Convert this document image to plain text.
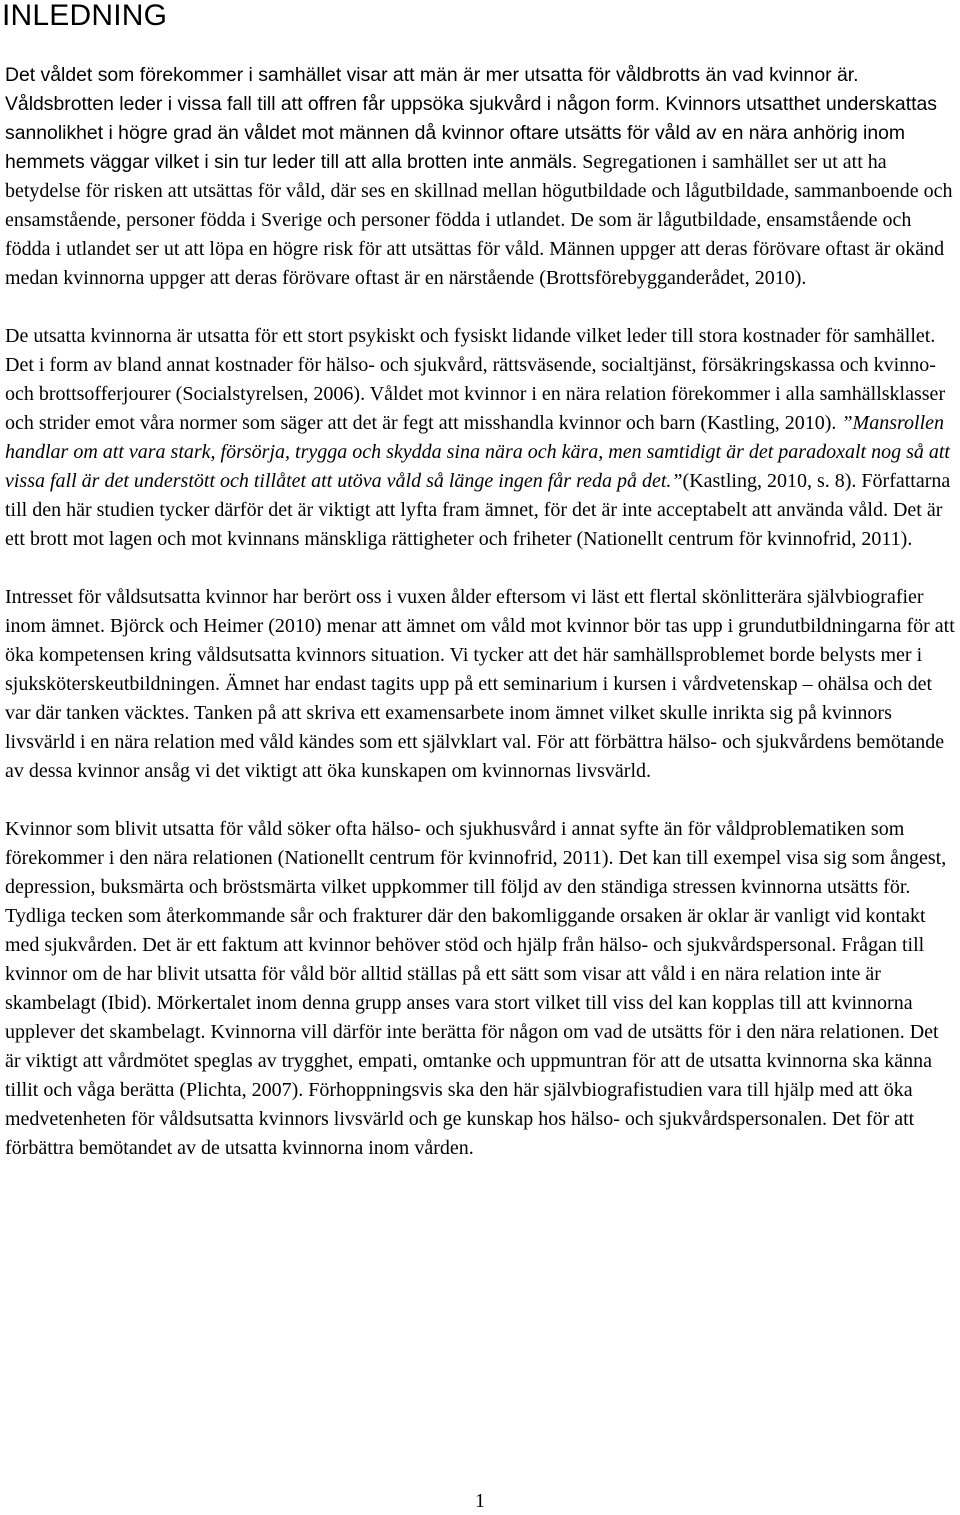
INLEDNING

Det våldet som förekommer i samhället visar att män är mer utsatta för våldbrotts än vad kvinnor är. Våldsbrotten leder i vissa fall till att offren får uppsöka sjukvård i någon form. Kvinnors utsatthet underskattas sannolikhet i högre grad än våldet mot männen då kvinnor oftare utsätts för våld av en nära anhörig inom hemmets väggar vilket i sin tur leder till att alla brotten inte anmäls. Segregationen i samhället ser ut att ha betydelse för risken att utsättas för våld, där ses en skillnad mellan högutbildade och lågutbildade, sammanboende och ensamstående, personer födda i Sverige och personer födda i utlandet. De som är lågutbildade, ensamstående och födda i utlandet ser ut att löpa en högre risk för att utsättas för våld. Männen uppger att deras förövare oftast är okänd medan kvinnorna uppger att deras förövare oftast är en närstående (Brottsförebygganderådet, 2010).

De utsatta kvinnorna är utsatta för ett stort psykiskt och fysiskt lidande vilket leder till stora kostnader för samhället. Det i form av bland annat kostnader för hälso- och sjukvård, rättsväsende, socialtjänst, försäkringskassa och kvinno- och brottsofferjourer (Socialstyrelsen, 2006). Våldet mot kvinnor i en nära relation förekommer i alla samhällsklasser och strider emot våra normer som säger att det är fegt att misshandla kvinnor och barn (Kastling, 2010). ”Mansrollen handlar om att vara stark, försörja, trygga och skydda sina nära och kära, men samtidigt är det paradoxalt nog så att vissa fall är det understött och tillåtet att utöva våld så länge ingen får reda på det.”(Kastling, 2010, s. 8). Författarna till den här studien tycker därför det är viktigt att lyfta fram ämnet, för det är inte acceptabelt att använda våld. Det är ett brott mot lagen och mot kvinnans mänskliga rättigheter och friheter (Nationellt centrum för kvinnofrid, 2011).

Intresset för våldsutsatta kvinnor har berört oss i vuxen ålder eftersom vi läst ett flertal skönlitterära självbiografier inom ämnet. Björck och Heimer (2010) menar att ämnet om våld mot kvinnor bör tas upp i grundutbildningarna för att öka kompetensen kring våldsutsatta kvinnors situation. Vi tycker att det här samhällsproblemet borde belysts mer i sjuksköterskeutbildningen. Ämnet har endast tagits upp på ett seminarium i kursen i vårdvetenskap – ohälsa och det var där tanken väcktes. Tanken på att skriva ett examensarbete inom ämnet vilket skulle inrikta sig på kvinnors livsvärld i en nära relation med våld kändes som ett självklart val. För att förbättra hälso- och sjukvårdens bemötande av dessa kvinnor ansåg vi det viktigt att öka kunskapen om kvinnornas livsvärld.

Kvinnor som blivit utsatta för våld söker ofta hälso- och sjukhusvård i annat syfte än för våldproblematiken som förekommer i den nära relationen (Nationellt centrum för kvinnofrid, 2011). Det kan till exempel visa sig som ångest, depression, buksmärta och bröstsmärta vilket uppkommer till följd av den ständiga stressen kvinnorna utsätts för. Tydliga tecken som återkommande sår och frakturer där den bakomliggande orsaken är oklar är vanligt vid kontakt med sjukvården. Det är ett faktum att kvinnor behöver stöd och hjälp från hälso- och sjukvårdspersonal. Frågan till kvinnor om de har blivit utsatta för våld bör alltid ställas på ett sätt som visar att våld i en nära relation inte är skambelagt (Ibid). Mörkertalet inom denna grupp anses vara stort vilket till viss del kan kopplas till att kvinnorna upplever det skambelagt. Kvinnorna vill därför inte berätta för någon om vad de utsätts för i den nära relationen. Det är viktigt att vårdmötet speglas av trygghet, empati, omtanke och uppmuntran för att de utsatta kvinnorna ska känna tillit och våga berätta (Plichta, 2007). Förhoppningsvis ska den här självbiografistudien vara till hjälp med att öka medvetenheten för våldsutsatta kvinnors livsvärld och ge kunskap hos hälso- och sjukvårdspersonalen. Det för att förbättra bemötandet av de utsatta kvinnorna inom vården.

1
